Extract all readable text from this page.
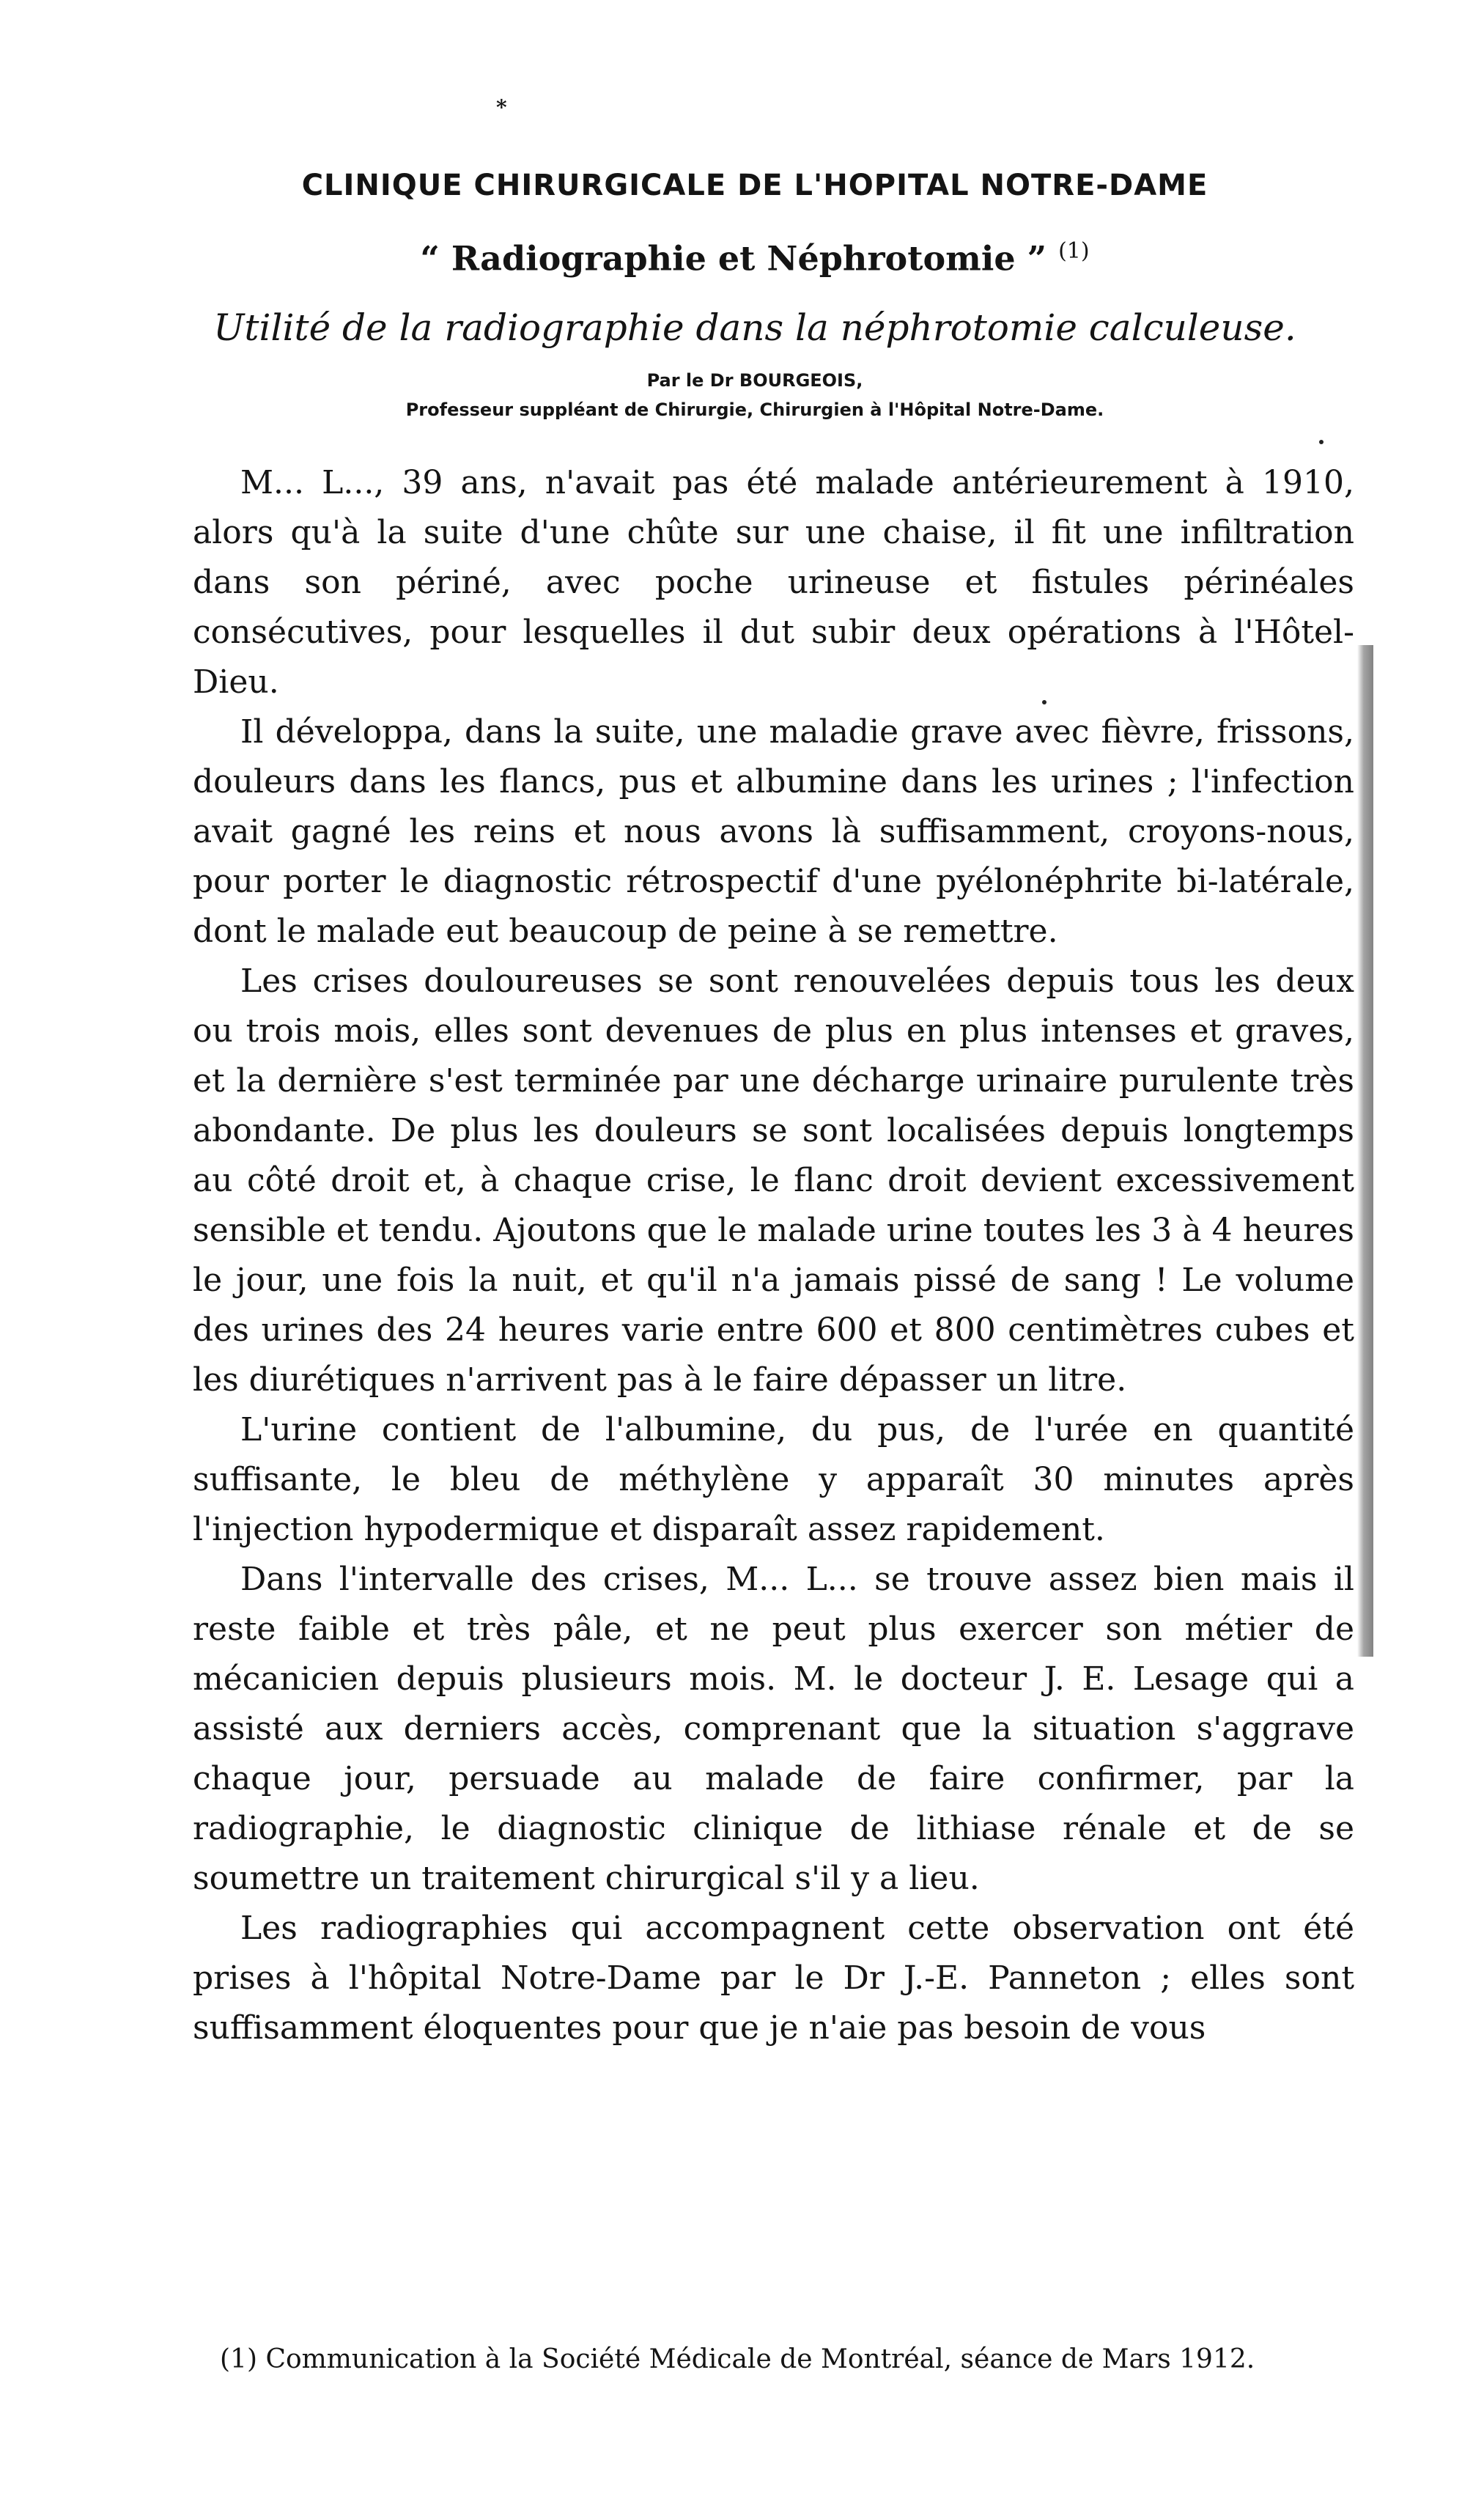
*
CLINIQUE CHIRURGICALE DE L'HOPITAL NOTRE-DAME
“ Radiographie et Néphrotomie ” $^{(1)}$
Utilité de la radiographie dans la néphrotomie calculeuse.
Par le Dr BOURGEOIS,
Professeur suppléant de Chirurgie, Chirurgien à l'Hôpital Notre-Dame.

M... L..., 39 ans, n'avait pas été malade antérieurement à 1910, alors qu'à la suite d'une chûte sur une chaise, il fit une infiltration dans son périné, avec poche urineuse et fistules périnéales consécutives, pour lesquelles il dut subir deux opérations à l'Hôtel-Dieu.

Il développa, dans la suite, une maladie grave avec fièvre, frissons, douleurs dans les flancs, pus et albumine dans les urines ; l'infection avait gagné les reins et nous avons là suffisamment, croyons-nous, pour porter le diagnostic rétrospectif d'une pyélonéphrite bi-latérale, dont le malade eut beaucoup de peine à se remettre.

Les crises douloureuses se sont renouvelées depuis tous les deux ou trois mois, elles sont devenues de plus en plus intenses et graves, et la dernière s'est terminée par une décharge urinaire purulente très abondante. De plus les douleurs se sont localisées depuis longtemps au côté droit et, à chaque crise, le flanc droit devient excessivement sensible et tendu. Ajoutons que le malade urine toutes les 3 à 4 heures le jour, une fois la nuit, et qu'il n'a jamais pissé de sang ! Le volume des urines des 24 heures varie entre 600 et 800 centimètres cubes et les diurétiques n'arrivent pas à le faire dépasser un litre.

L'urine contient de l'albumine, du pus, de l'urée en quantité suffisante, le bleu de méthylène y apparaît 30 minutes après l'injection hypodermique et disparaît assez rapidement.

Dans l'intervalle des crises, M... L... se trouve assez bien mais il reste faible et très pâle, et ne peut plus exercer son métier de mécanicien depuis plusieurs mois. M. le docteur J. E. Lesage qui a assisté aux derniers accès, comprenant que la situation s'aggrave chaque jour, persuade au malade de faire confirmer, par la radiographie, le diagnostic clinique de lithiase rénale et de se soumettre un traitement chirurgical s'il y a lieu.

Les radiographies qui accompagnent cette observation ont été prises à l'hôpital Notre-Dame par le Dr J.-E. Panneton ; elles sont suffisamment éloquentes pour que je n'aie pas besoin de vous

(1) Communication à la Société Médicale de Montréal, séance de Mars 1912.
